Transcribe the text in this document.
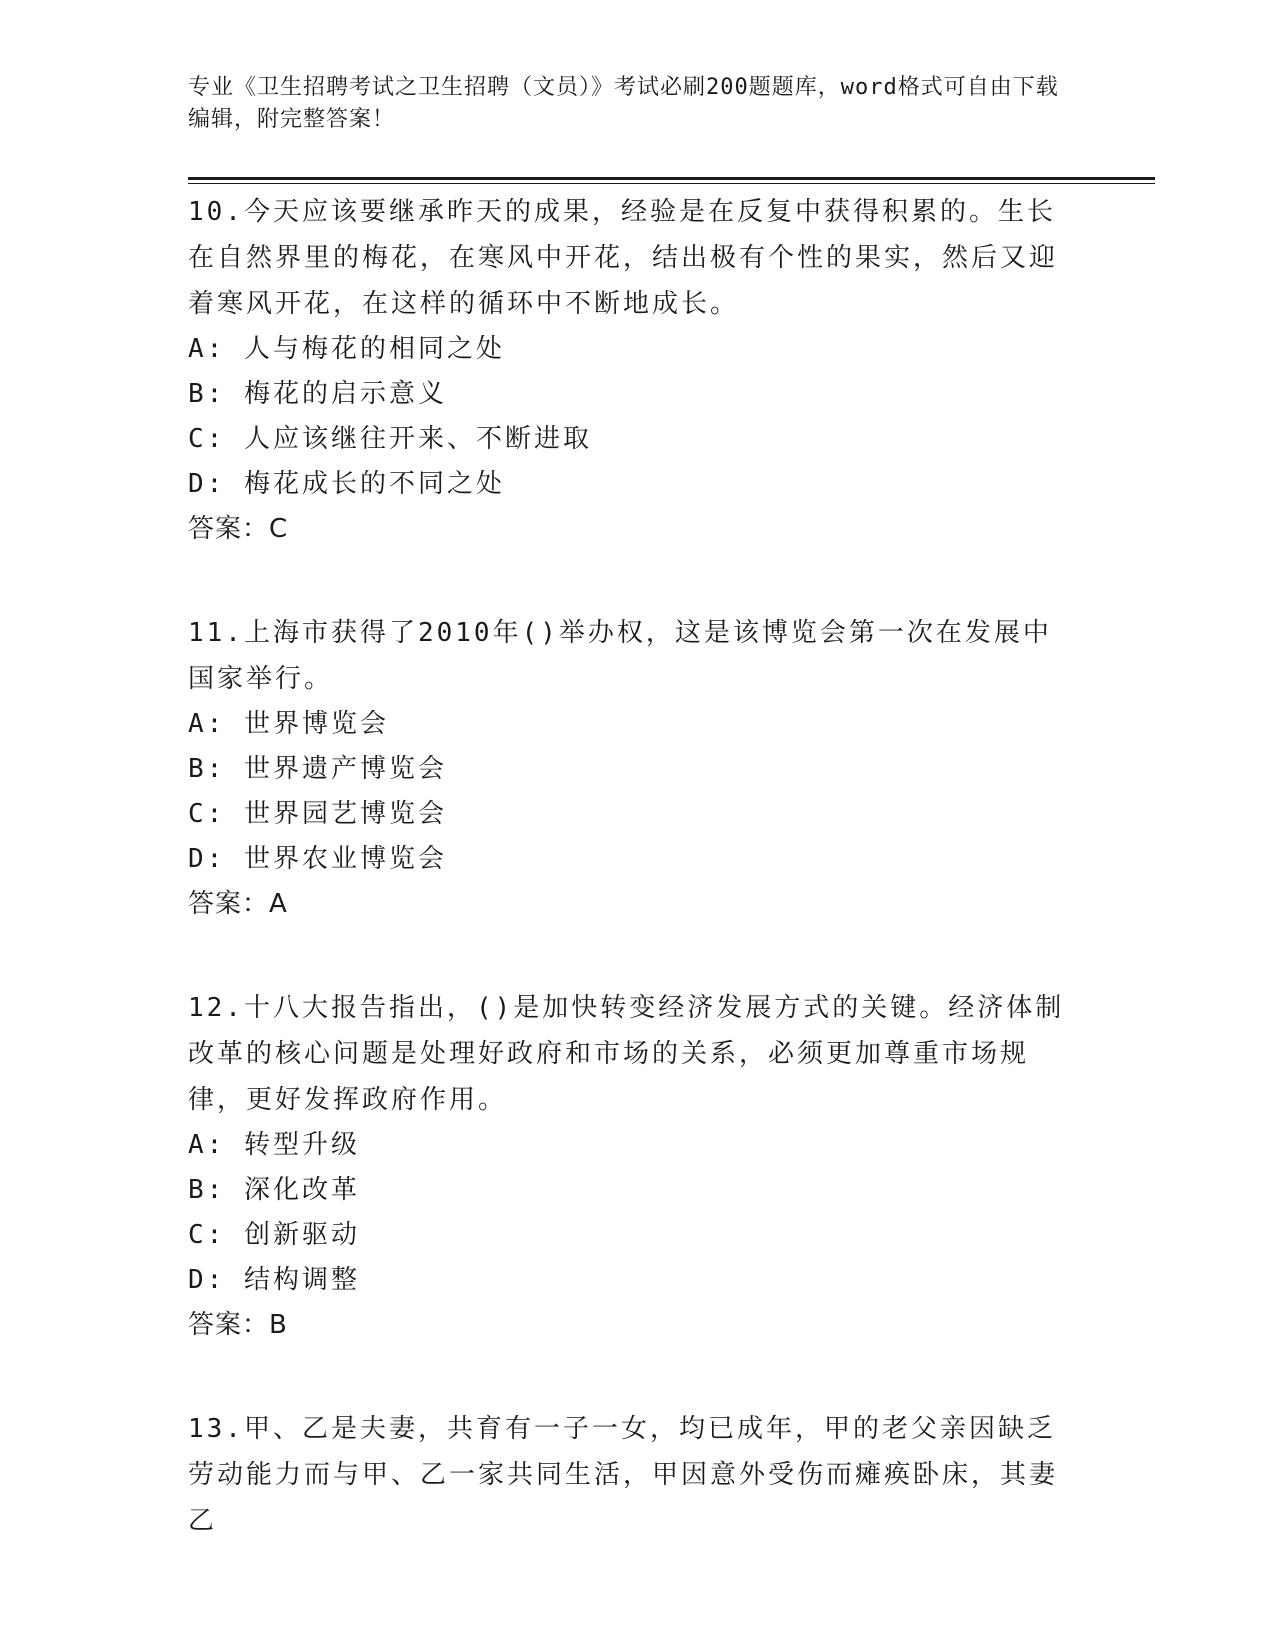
专业《卫生招聘考试之卫生招聘（文员）》考试必刷200题题库，word格式可自由下载编辑，附完整答案！

10.今天应该要继承昨天的成果，经验是在反复中获得积累的。生长在自然界里的梅花，在寒风中开花，结出极有个性的果实，然后又迎着寒风开花，在这样的循环中不断地成长。

A: 人与梅花的相同之处

B: 梅花的启示意义

C: 人应该继往开来、不断进取

D: 梅花成长的不同之处

答案：C

11.上海市获得了2010年()举办权，这是该博览会第一次在发展中国家举行。

A: 世界博览会

B: 世界遗产博览会

C: 世界园艺博览会

D: 世界农业博览会

答案：A

12.十八大报告指出，()是加快转变经济发展方式的关键。经济体制改革的核心问题是处理好政府和市场的关系，必须更加尊重市场规律，更好发挥政府作用。

A: 转型升级

B: 深化改革

C: 创新驱动

D: 结构调整

答案：B

13.甲、乙是夫妻，共育有一子一女，均已成年，甲的老父亲因缺乏劳动能力而与甲、乙一家共同生活，甲因意外受伤而瘫痪卧床，其妻乙
